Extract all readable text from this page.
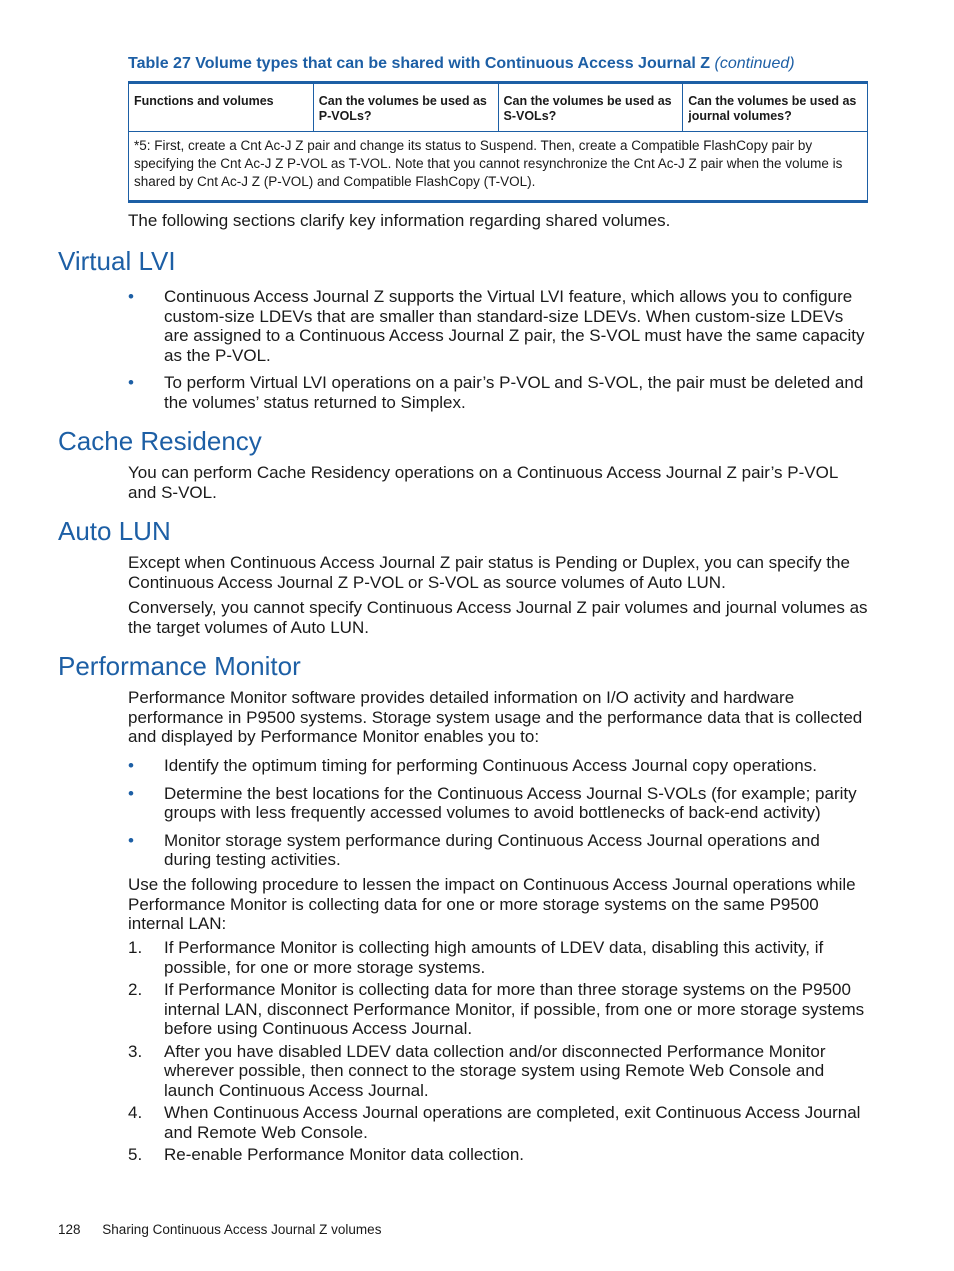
Table 27 Volume types that can be shared with Continuous Access Journal Z (continued)
Functions and volumes	Can the volumes be used as P-VOLs?	Can the volumes be used as S-VOLs?	Can the volumes be used as journal volumes?
*5: First, create a Cnt Ac-J Z pair and change its status to Suspend. Then, create a Compatible FlashCopy pair by specifying the Cnt Ac-J Z P-VOL as T-VOL. Note that you cannot resynchronize the Cnt Ac-J Z pair when the volume is shared by Cnt Ac-J Z (P-VOL) and Compatible FlashCopy (T-VOL).

The following sections clarify key information regarding shared volumes.

Virtual LVI
• Continuous Access Journal Z supports the Virtual LVI feature, which allows you to configure custom-size LDEVs that are smaller than standard-size LDEVs. When custom-size LDEVs are assigned to a Continuous Access Journal Z pair, the S-VOL must have the same capacity as the P-VOL.
• To perform Virtual LVI operations on a pair’s P-VOL and S-VOL, the pair must be deleted and the volumes’ status returned to Simplex.
Cache Residency

You can perform Cache Residency operations on a Continuous Access Journal Z pair’s P-VOL and S-VOL.

Auto LUN

Except when Continuous Access Journal Z pair status is Pending or Duplex, you can specify the Continuous Access Journal Z P-VOL or S-VOL as source volumes of Auto LUN.

Conversely, you cannot specify Continuous Access Journal Z pair volumes and journal volumes as the target volumes of Auto LUN.

Performance Monitor

Performance Monitor software provides detailed information on I/O activity and hardware performance in P9500 systems. Storage system usage and the performance data that is collected and displayed by Performance Monitor enables you to:

• Identify the optimum timing for performing Continuous Access Journal copy operations.
• Determine the best locations for the Continuous Access Journal S-VOLs (for example; parity groups with less frequently accessed volumes to avoid bottlenecks of back-end activity)
• Monitor storage system performance during Continuous Access Journal operations and during testing activities.

Use the following procedure to lessen the impact on Continuous Access Journal operations while Performance Monitor is collecting data for one or more storage systems on the same P9500 internal LAN:

1. If Performance Monitor is collecting high amounts of LDEV data, disabling this activity, if possible, for one or more storage systems.
2. If Performance Monitor is collecting data for more than three storage systems on the P9500 internal LAN, disconnect Performance Monitor, if possible, from one or more storage systems before using Continuous Access Journal.
3. After you have disabled LDEV data collection and/or disconnected Performance Monitor wherever possible, then connect to the storage system using Remote Web Console and launch Continuous Access Journal.
4. When Continuous Access Journal operations are completed, exit Continuous Access Journal and Remote Web Console.
5. Re-enable Performance Monitor data collection.
128 Sharing Continuous Access Journal Z volumes
